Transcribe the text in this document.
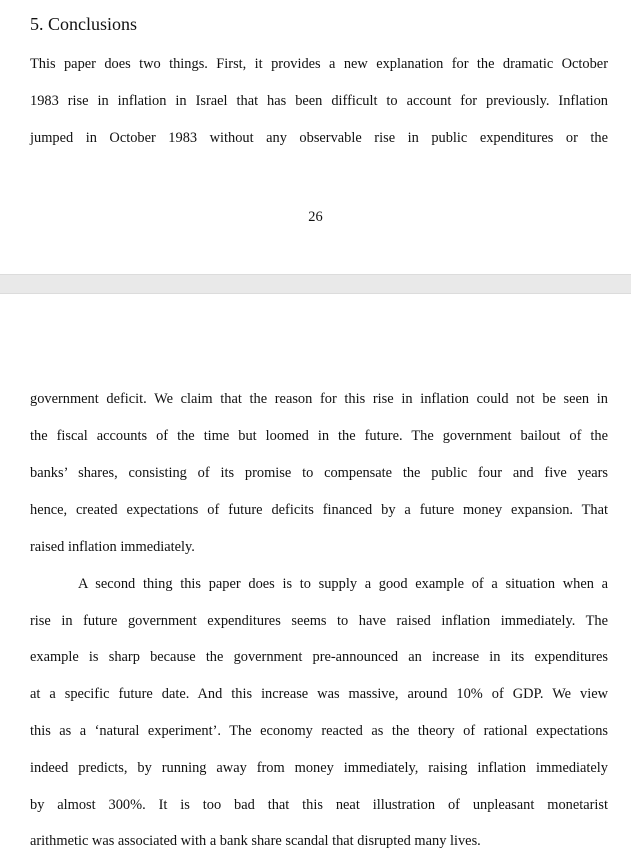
5. Conclusions
This paper does two things. First, it provides a new explanation for the dramatic October
1983 rise in inflation in Israel that has been difficult to account for previously. Inflation
jumped in October 1983 without any observable rise in public expenditures or the
26
government deficit. We claim that the reason for this rise in inflation could not be seen in
the fiscal accounts of the time but loomed in the future. The government bailout of the
banks’ shares, consisting of its promise to compensate the public four and five years
hence, created expectations of future deficits financed by a future money expansion. That
raised inflation immediately.
A second thing this paper does is to supply a good example of a situation when a
rise in future government expenditures seems to have raised inflation immediately. The
example is sharp because the government pre-announced an increase in its expenditures
at a specific future date. And this increase was massive, around 10% of GDP. We view
this as a ‘natural experiment’. The economy reacted as the theory of rational expectations
indeed predicts, by running away from money immediately, raising inflation immediately
by almost 300%. It is too bad that this neat illustration of unpleasant monetarist
arithmetic was associated with a bank share scandal that disrupted many lives.
